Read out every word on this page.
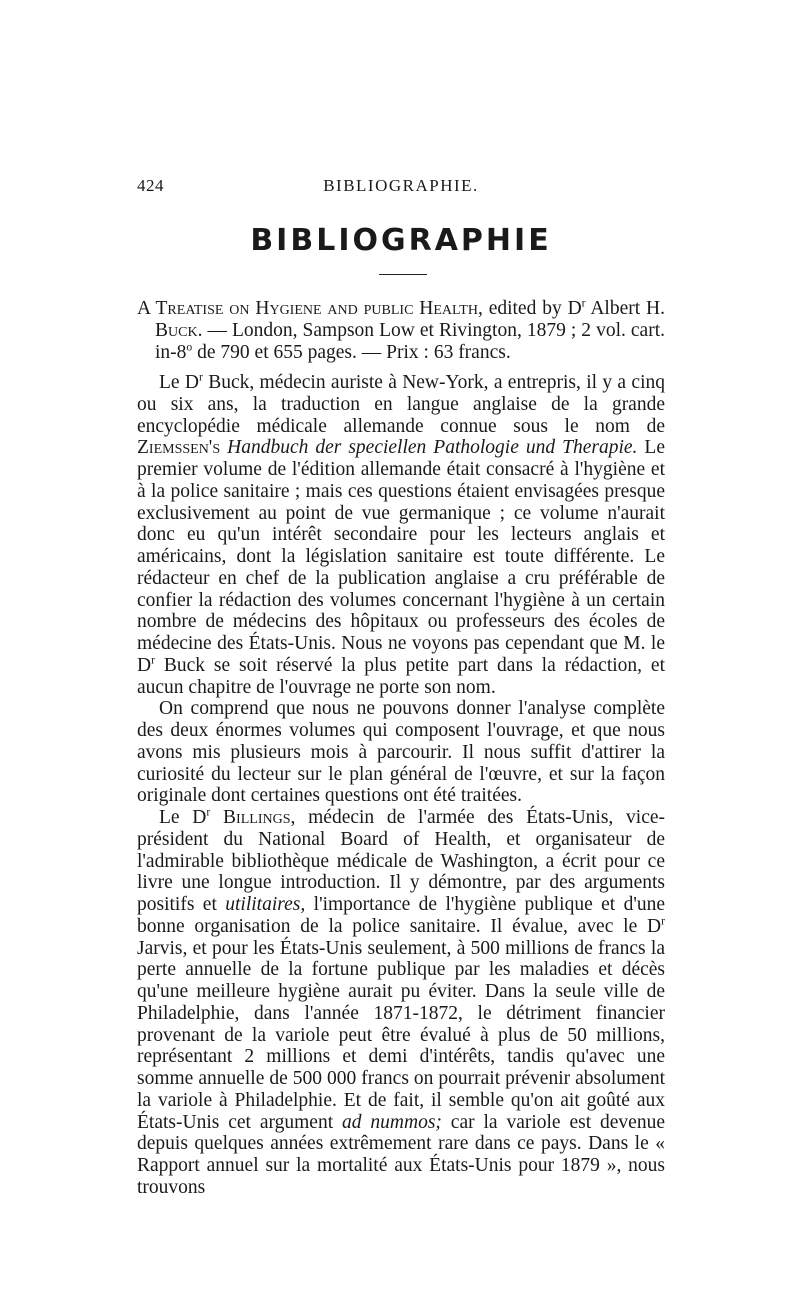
424	BIBLIOGRAPHIE.
BIBLIOGRAPHIE
A Treatise on Hygiene and public Health, edited by $D^r$ Albert H. Buck. — London, Sampson Low et Rivington, 1879 ; 2 vol. cart. in-8$^o$ de 790 et 655 pages. — Prix : 63 francs.

Le $D^r$ Buck, médecin auriste à New-York, a entrepris, il y a cinq ou six ans, la traduction en langue anglaise de la grande encyclopédie médicale allemande connue sous le nom de Ziemssen's Handbuch der speciellen Pathologie und Therapie. Le premier volume de l'édition allemande était consacré à l'hygiène et à la police sanitaire ; mais ces questions étaient envisagées presque exclusivement au point de vue germanique ; ce volume n'aurait donc eu qu'un intérêt secondaire pour les lecteurs anglais et américains, dont la législation sanitaire est toute différente. Le rédacteur en chef de la publication anglaise a cru préférable de confier la rédaction des volumes concernant l'hygiène à un certain nombre de médecins des hôpitaux ou professeurs des écoles de médecine des États-Unis. Nous ne voyons pas cependant que M. le $D^r$ Buck se soit réservé la plus petite part dans la rédaction, et aucun chapitre de l'ouvrage ne porte son nom.

On comprend que nous ne pouvons donner l'analyse complète des deux énormes volumes qui composent l'ouvrage, et que nous avons mis plusieurs mois à parcourir. Il nous suffit d'attirer la curiosité du lecteur sur le plan général de l'œuvre, et sur la façon originale dont certaines questions ont été traitées.

Le $D^r$ Billings, médecin de l'armée des États-Unis, vice-président du National Board of Health, et organisateur de l'admirable bibliothèque médicale de Washington, a écrit pour ce livre une longue introduction. Il y démontre, par des arguments positifs et utilitaires, l'importance de l'hygiène publique et d'une bonne organisation de la police sanitaire. Il évalue, avec le $D^r$ Jarvis, et pour les États-Unis seulement, à 500 millions de francs la perte annuelle de la fortune publique par les maladies et décès qu'une meilleure hygiène aurait pu éviter. Dans la seule ville de Philadelphie, dans l'année 1871-1872, le détriment financier provenant de la variole peut être évalué à plus de 50 millions, représentant 2 millions et demi d'intérêts, tandis qu'avec une somme annuelle de 500 000 francs on pourrait prévenir absolument la variole à Philadelphie. Et de fait, il semble qu'on ait goûté aux États-Unis cet argument ad nummos; car la variole est devenue depuis quelques années extrêmement rare dans ce pays. Dans le « Rapport annuel sur la mortalité aux États-Unis pour 1879 », nous trouvons
